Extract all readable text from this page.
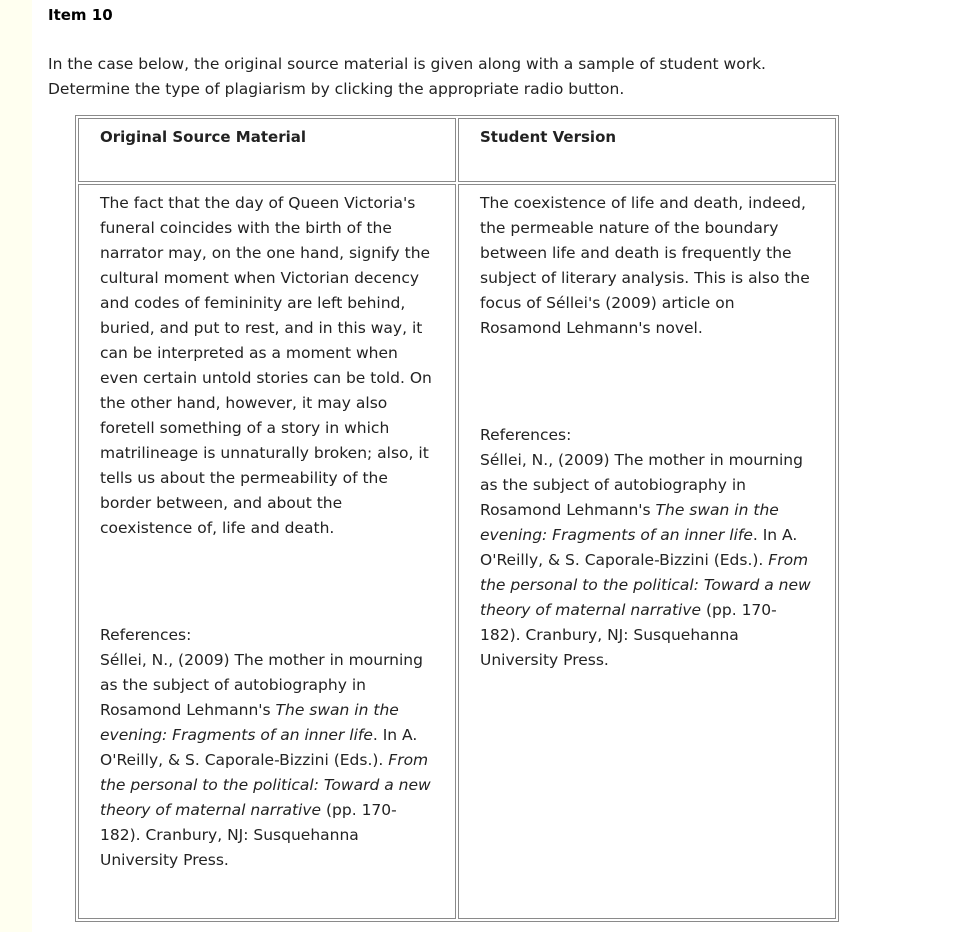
Item 10
In the case below, the original source material is given along with a sample of student work. Determine the type of plagiarism by clicking the appropriate radio button.
Original Source Material	Student Version

The fact that the day of Queen Victoria's funeral coincides with the birth of the narrator may, on the one hand, signify the cultural moment when Victorian decency and codes of femininity are left behind, buried, and put to rest, and in this way, it can be interpreted as a moment when even certain untold stories can be told. On the other hand, however, it may also foretell something of a story in which matrilineage is unnaturally broken; also, it tells us about the permeability of the border between, and about the coexistence of, life and death.

References:

Séllei, N., (2009) The mother in mourning as the subject of autobiography in Rosamond Lehmann's The swan in the evening: Fragments of an inner life. In A. O'Reilly, & S. Caporale-Bizzini (Eds.). From the personal to the political: Toward a new theory of maternal narrative (pp. 170-182). Cranbury, NJ: Susquehanna University Press.

The coexistence of life and death, indeed, the permeable nature of the boundary between life and death is frequently the subject of literary analysis. This is also the focus of Séllei's (2009) article on Rosamond Lehmann's novel.

References:

Séllei, N., (2009) The mother in mourning as the subject of autobiography in Rosamond Lehmann's The swan in the evening: Fragments of an inner life. In A. O'Reilly, & S. Caporale-Bizzini (Eds.). From the personal to the political: Toward a new theory of maternal narrative (pp. 170-182). Cranbury, NJ: Susquehanna University Press.
